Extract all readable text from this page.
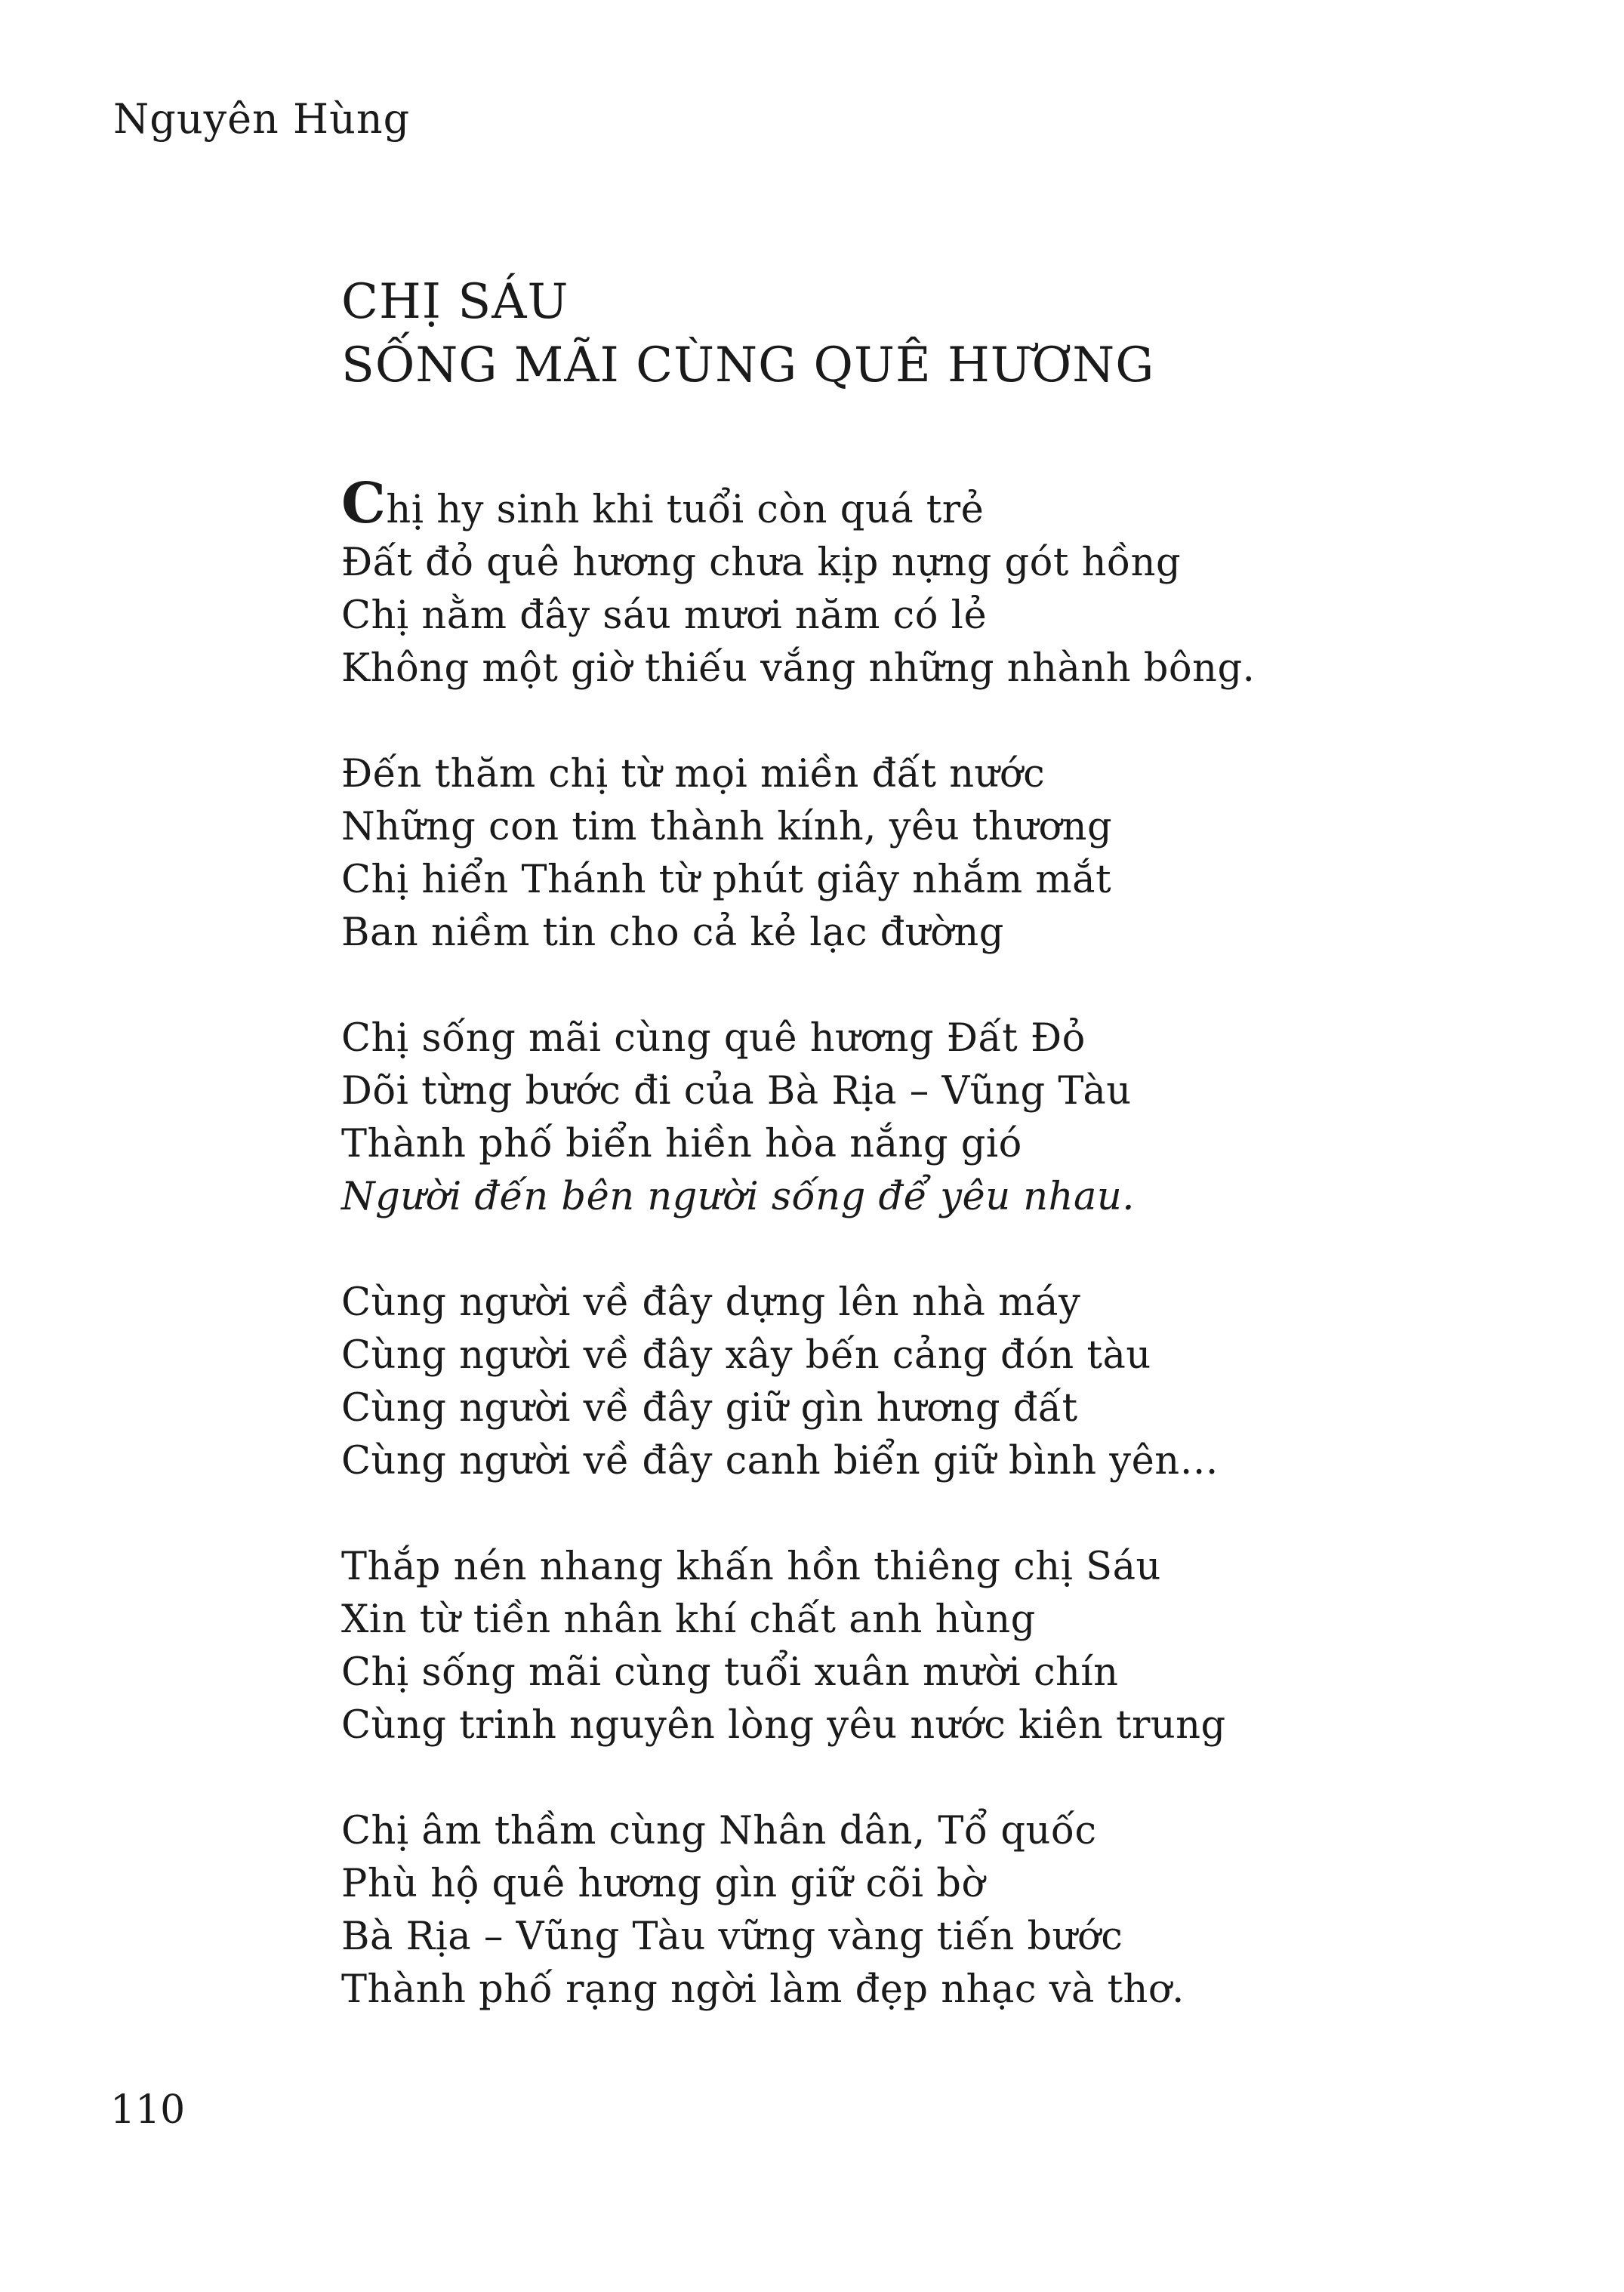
Nguyên Hùng
CHỊ SÁU
SỐNG MÃI CÙNG QUÊ HƯƠNG
Chị hy sinh khi tuổi còn quá trẻ
Đất đỏ quê hương chưa kịp nựng gót hồng
Chị nằm đây sáu mươi năm có lẻ
Không một giờ thiếu vắng những nhành bông.
Đến thăm chị từ mọi miền đất nước
Những con tim thành kính, yêu thương
Chị hiển Thánh từ phút giây nhắm mắt
Ban niềm tin cho cả kẻ lạc đường
Chị sống mãi cùng quê hương Đất Đỏ
Dõi từng bước đi của Bà Rịa – Vũng Tàu
Thành phố biển hiền hòa nắng gió
Người đến bên người sống để yêu nhau.
Cùng người về đây dựng lên nhà máy
Cùng người về đây xây bến cảng đón tàu
Cùng người về đây giữ gìn hương đất
Cùng người về đây canh biển giữ bình yên…
Thắp nén nhang khấn hồn thiêng chị Sáu
Xin từ tiền nhân khí chất anh hùng
Chị sống mãi cùng tuổi xuân mười chín
Cùng trinh nguyên lòng yêu nước kiên trung
Chị âm thầm cùng Nhân dân, Tổ quốc
Phù hộ quê hương gìn giữ cõi bờ
Bà Rịa – Vũng Tàu vững vàng tiến bước
Thành phố rạng ngời làm đẹp nhạc và thơ.
110
